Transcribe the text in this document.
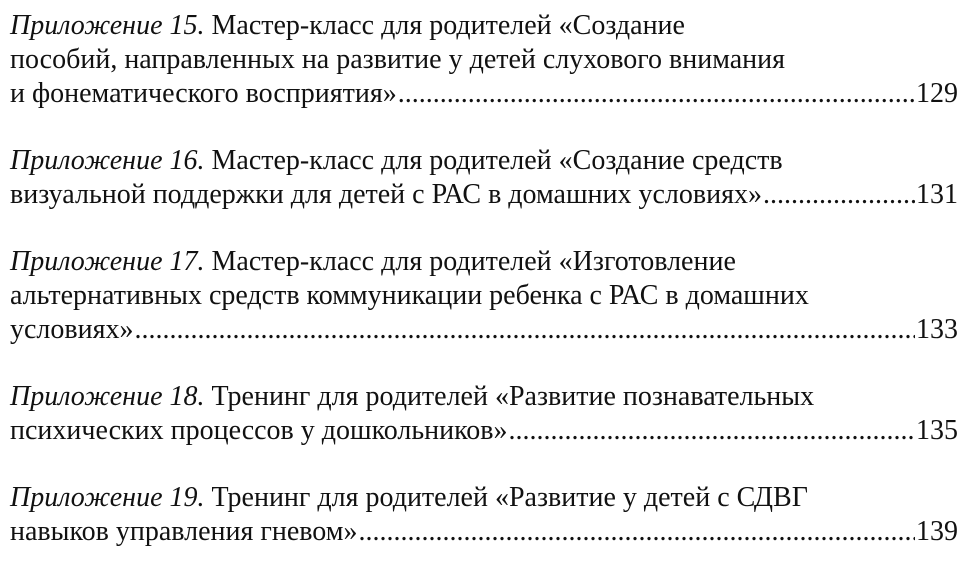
Приложение 15. Мастер-класс для родителей «Создание
пособий, направленных на развитие у детей слухового внимания
и фонематического восприятия» .....	129
Приложение 16. Мастер-класс для родителей «Создание средств
визуальной поддержки для детей с РАС в домашних условиях» .....	131
Приложение 17. Мастер-класс для родителей «Изготовление
альтернативных средств коммуникации ребенка с РАС в домашних
условиях» .....	133
Приложение 18. Тренинг для родителей «Развитие познавательных
психических процессов у дошкольников» .....	135
Приложение 19. Тренинг для родителей «Развитие у детей с СДВГ
навыков управления гневом» .....	139
